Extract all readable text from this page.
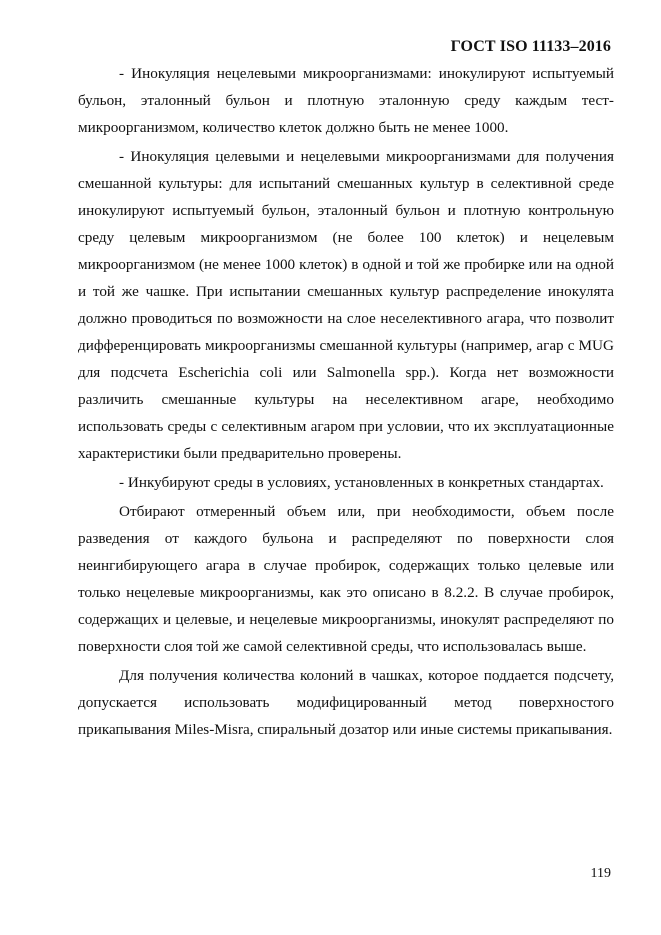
ГОСТ ISO 11133–2016

- Инокуляция нецелевыми микроорганизмами: инокулируют испытуемый бульон, эталонный бульон и плотную эталонную среду каждым тест-микроорганизмом, количество клеток должно быть не менее 1000.

- Инокуляция целевыми и нецелевыми микроорганизмами для получения смешанной культуры: для испытаний смешанных культур в селективной среде инокулируют испытуемый бульон, эталонный бульон и плотную контрольную среду целевым микроорганизмом (не более 100 клеток) и нецелевым микроорганизмом (не менее 1000 клеток) в одной и той же пробирке или на одной и той же чашке. При испытании смешанных культур распределение инокулята должно проводиться по возможности на слое неселективного агара, что позволит дифференцировать микроорганизмы смешанной культуры (например, агар с MUG для подсчета Escherichia coli или Salmonella spp.). Когда нет возможности различить смешанные культуры на неселективном агаре, необходимо использовать среды с селективным агаром при условии, что их эксплуатационные характеристики были предварительно проверены.

- Инкубируют среды в условиях, установленных в конкретных стандартах.

Отбирают отмеренный объем или, при необходимости, объем после разведения от каждого бульона и распределяют по поверхности слоя неингибирующего агара в случае пробирок, содержащих только целевые или только нецелевые микроорганизмы, как это описано в 8.2.2. В случае пробирок, содержащих и целевые, и нецелевые микроорганизмы, инокулят распределяют по поверхности слоя той же самой селективной среды, что использовалась выше.

Для получения количества колоний в чашках, которое поддается подсчету, допускается использовать модифицированный метод поверхностого прикапывания Miles-Misra, спиральный дозатор или иные системы прикапывания.

119
